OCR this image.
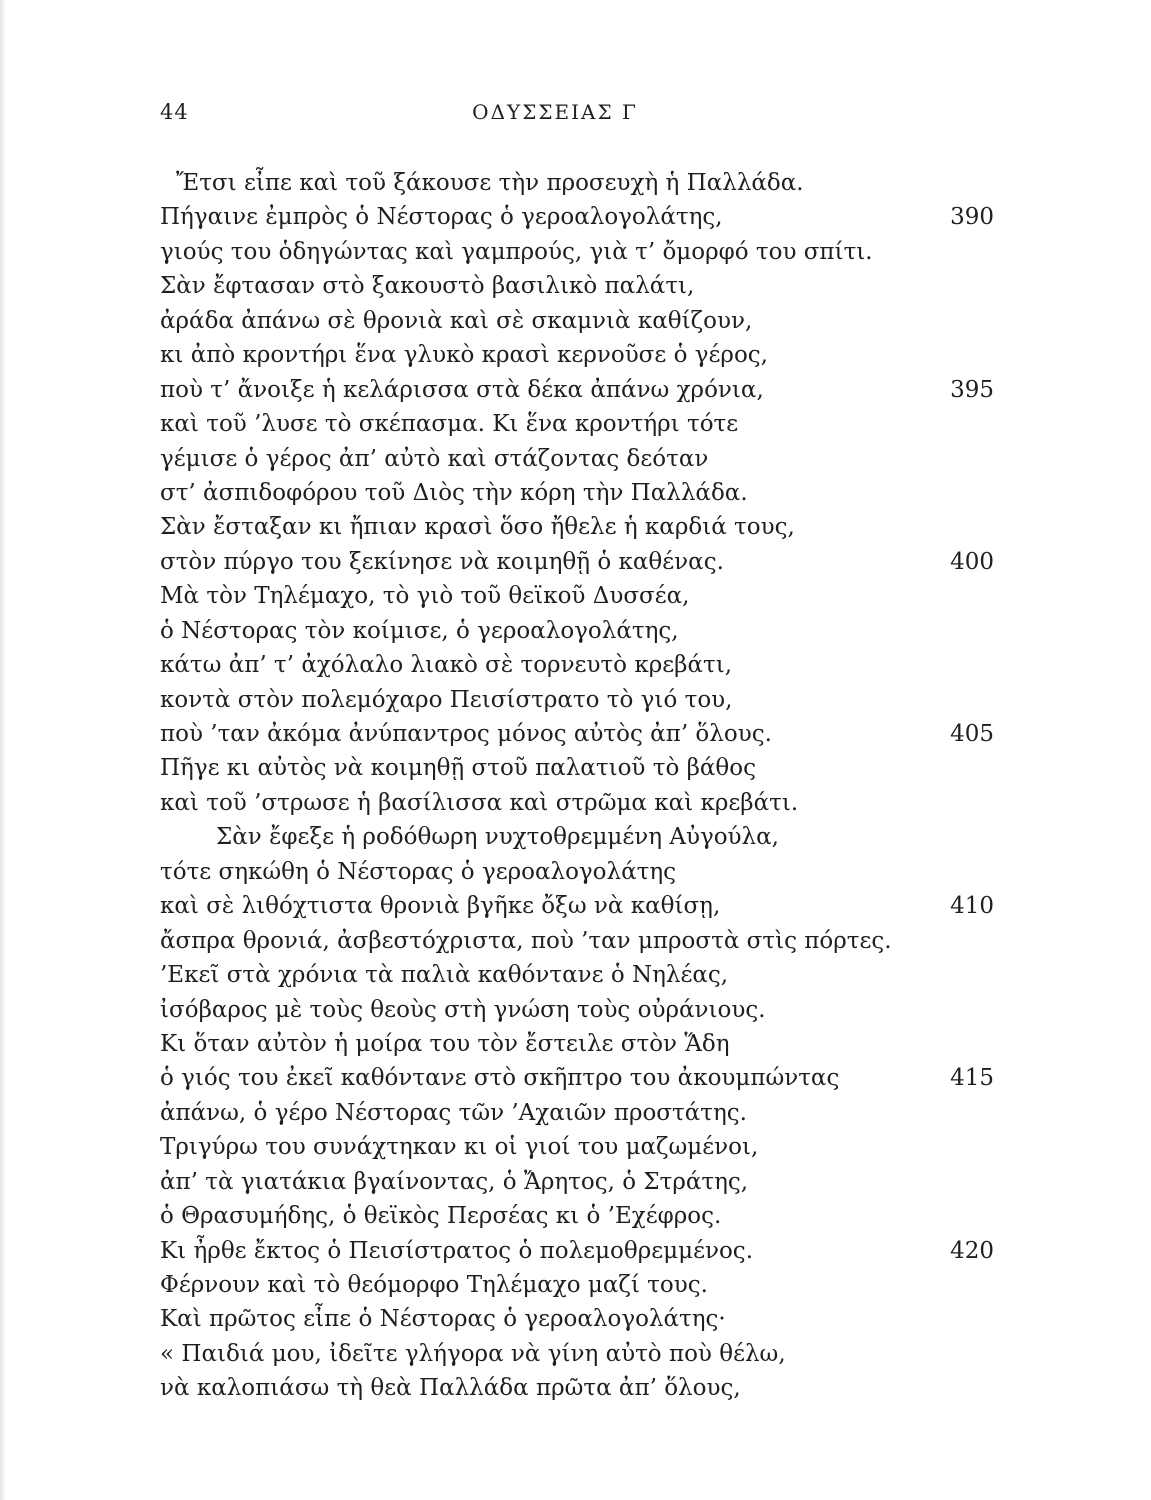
44	ΟΔΥΣΣΕΙΑΣ Γ
Ἔτσι εἶπε καὶ τοῦ ξάκουσε τὴν προσευχὴ ἡ Παλλάδα.
Πήγαινε ἐμπρὸς ὁ Νέστορας ὁ γεροαλογολάτης,	390
γιούς του ὁδηγώντας καὶ γαμπρούς, γιὰ τ’ ὄμορφό του σπίτι.
Σὰν ἔφτασαν στὸ ξακουστὸ βασιλικὸ παλάτι,
ἀράδα ἀπάνω σὲ θρονιὰ καὶ σὲ σκαμνιὰ καθίζουν,
κι ἀπὸ κροντήρι ἕνα γλυκὸ κρασὶ κερνοῦσε ὁ γέρος,
ποὺ τ’ ἄνοιξε ἡ κελάρισσα στὰ δέκα ἀπάνω χρόνια,	395
καὶ τοῦ ’λυσε τὸ σκέπασμα. Κι ἕνα κροντήρι τότε
γέμισε ὁ γέρος ἀπ’ αὐτὸ καὶ στάζοντας δεόταν
στ’ ἀσπιδοφόρου τοῦ Διὸς τὴν κόρη τὴν Παλλάδα.
Σὰν ἔσταξαν κι ἤπιαν κρασὶ ὅσο ἤθελε ἡ καρδιά τους,
στὸν πύργο του ξεκίνησε νὰ κοιμηθῇ ὁ καθένας.	400
Μὰ τὸν Τηλέμαχο, τὸ γιὸ τοῦ θεϊκοῦ Δυσσέα,
ὁ Νέστορας τὸν κοίμισε, ὁ γεροαλογολάτης,
κάτω ἀπ’ τ’ ἀχόλαλο λιακὸ σὲ τορνευτὸ κρεβάτι,
κοντὰ στὸν πολεμόχαρο Πεισίστρατο τὸ γιό του,
ποὺ ’ταν ἀκόμα ἀνύπαντρος μόνος αὐτὸς ἀπ’ ὅλους.	405
Πῆγε κι αὐτὸς νὰ κοιμηθῇ στοῦ παλατιοῦ τὸ βάθος
καὶ τοῦ ’στρωσε ἡ βασίλισσα καὶ στρῶμα καὶ κρεβάτι.
Σὰν ἔφεξε ἡ ροδόθωρη νυχτοθρεμμένη Αὐγούλα,
τότε σηκώθη ὁ Νέστορας ὁ γεροαλογολάτης
καὶ σὲ λιθόχτιστα θρονιὰ βγῆκε ὄξω νὰ καθίσῃ,	410
ἄσπρα θρονιά, ἀσβεστόχριστα, ποὺ ’ταν μπροστὰ στὶς πόρτες.
’Εκεῖ στὰ χρόνια τὰ παλιὰ καθόντανε ὁ Νηλέας,
ἰσόβαρος μὲ τοὺς θεοὺς στὴ γνώση τοὺς οὐράνιους.
Κι ὅταν αὐτὸν ἡ μοίρα του τὸν ἔστειλε στὸν Ἅδη
ὁ γιός του ἐκεῖ καθόντανε στὸ σκῆπτρο του ἀκουμπώντας	415
ἀπάνω, ὁ γέρο Νέστορας τῶν ’Αχαιῶν προστάτης.
Τριγύρω του συνάχτηκαν κι οἱ γιοί του μαζωμένοι,
ἀπ’ τὰ γιατάκια βγαίνοντας, ὁ Ἄρητος, ὁ Στράτης,
ὁ Θρασυμήδης, ὁ θεϊκὸς Περσέας κι ὁ ’Εχέφρος.
Κι ἦρθε ἔκτος ὁ Πεισίστρατος ὁ πολεμοθρεμμένος.	420
Φέρνουν καὶ τὸ θεόμορφο Τηλέμαχο μαζί τους.
Καὶ πρῶτος εἶπε ὁ Νέστορας ὁ γεροαλογολάτης·
« Παιδιά μου, ἰδεῖτε γλήγορα νὰ γίνη αὐτὸ ποὺ θέλω,
νὰ καλοπιάσω τὴ θεὰ Παλλάδα πρῶτα ἀπ’ ὅλους,
